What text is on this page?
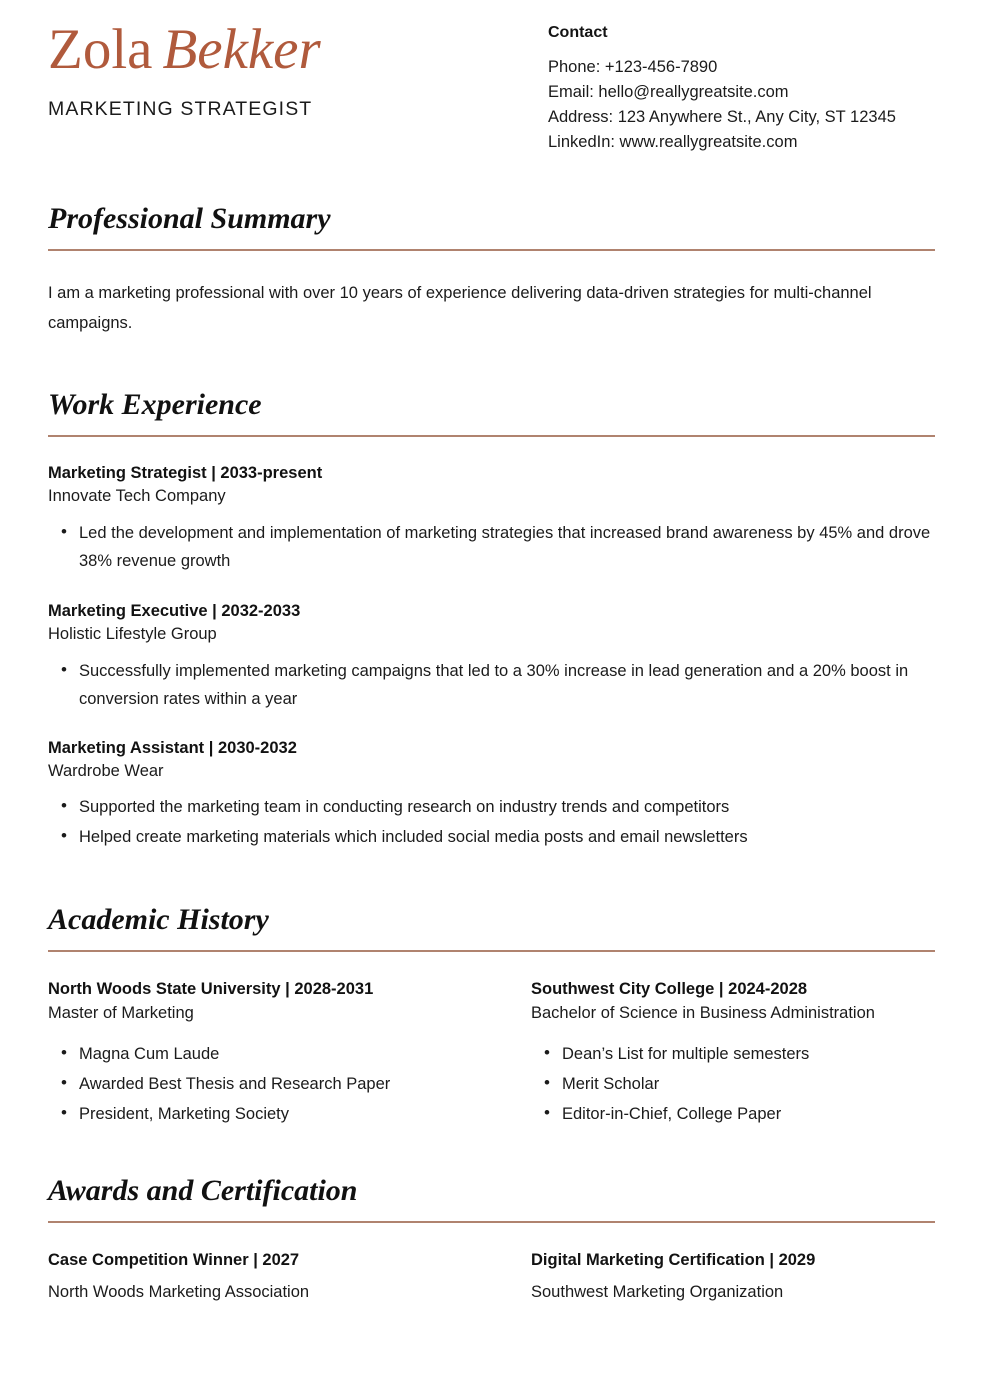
Zola Bekker
MARKETING STRATEGIST
Contact
Phone: +123-456-7890
Email: hello@reallygreatsite.com
Address: 123 Anywhere St., Any City, ST 12345
LinkedIn: www.reallygreatsite.com
Professional Summary
I am a marketing professional with over 10 years of experience delivering data-driven strategies for multi-channel campaigns.
Work Experience
Marketing Strategist | 2033-present
Innovate Tech Company
• Led the development and implementation of marketing strategies that increased brand awareness by 45% and drove 38% revenue growth
Marketing Executive | 2032-2033
Holistic Lifestyle Group
• Successfully implemented marketing campaigns that led to a 30% increase in lead generation and a 20% boost in conversion rates within a year
Marketing Assistant | 2030-2032
Wardrobe Wear
• Supported the marketing team in conducting research on industry trends and competitors
• Helped create marketing materials which included social media posts and email newsletters
Academic History
North Woods State University | 2028-2031
Master of Marketing
• Magna Cum Laude
• Awarded Best Thesis and Research Paper
• President, Marketing Society
Southwest City College | 2024-2028
Bachelor of Science in Business Administration
• Dean’s List for multiple semesters
• Merit Scholar
• Editor-in-Chief, College Paper
Awards and Certification
Case Competition Winner | 2027
North Woods Marketing Association
Digital Marketing Certification | 2029
Southwest Marketing Organization
